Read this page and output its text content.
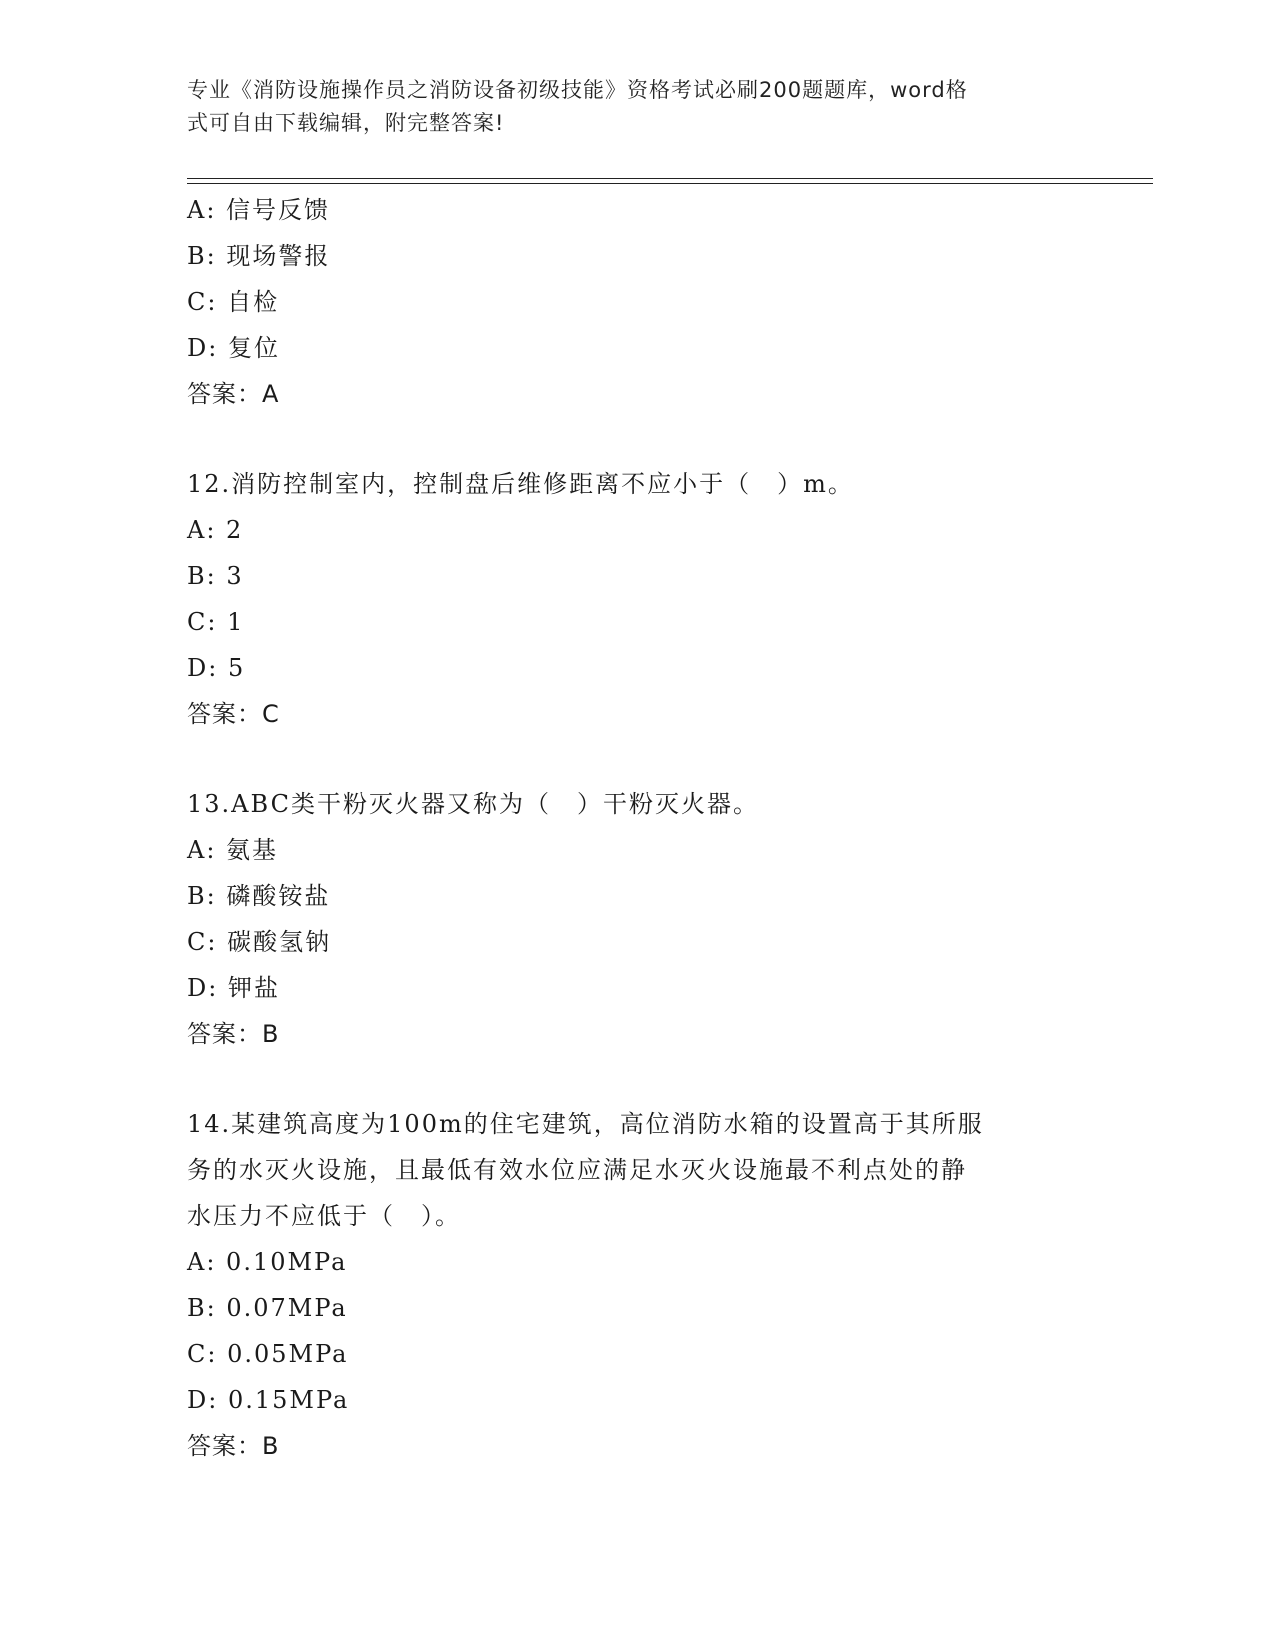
专业《消防设施操作员之消防设备初级技能》资格考试必刷200题题库，word格
式可自由下载编辑，附完整答案!
A: 信号反馈
B: 现场警报
C: 自检
D: 复位
答案：A
12.消防控制室内，控制盘后维修距离不应小于（　）m。
A: 2
B: 3
C: 1
D: 5
答案：C
13.ABC类干粉灭火器又称为（　）干粉灭火器。
A: 氨基
B: 磷酸铵盐
C: 碳酸氢钠
D: 钾盐
答案：B
14.某建筑高度为100m的住宅建筑，高位消防水箱的设置高于其所服
务的水灭火设施，且最低有效水位应满足水灭火设施最不利点处的静
水压力不应低于（　）。
A: 0.10MPa
B: 0.07MPa
C: 0.05MPa
D: 0.15MPa
答案：B
